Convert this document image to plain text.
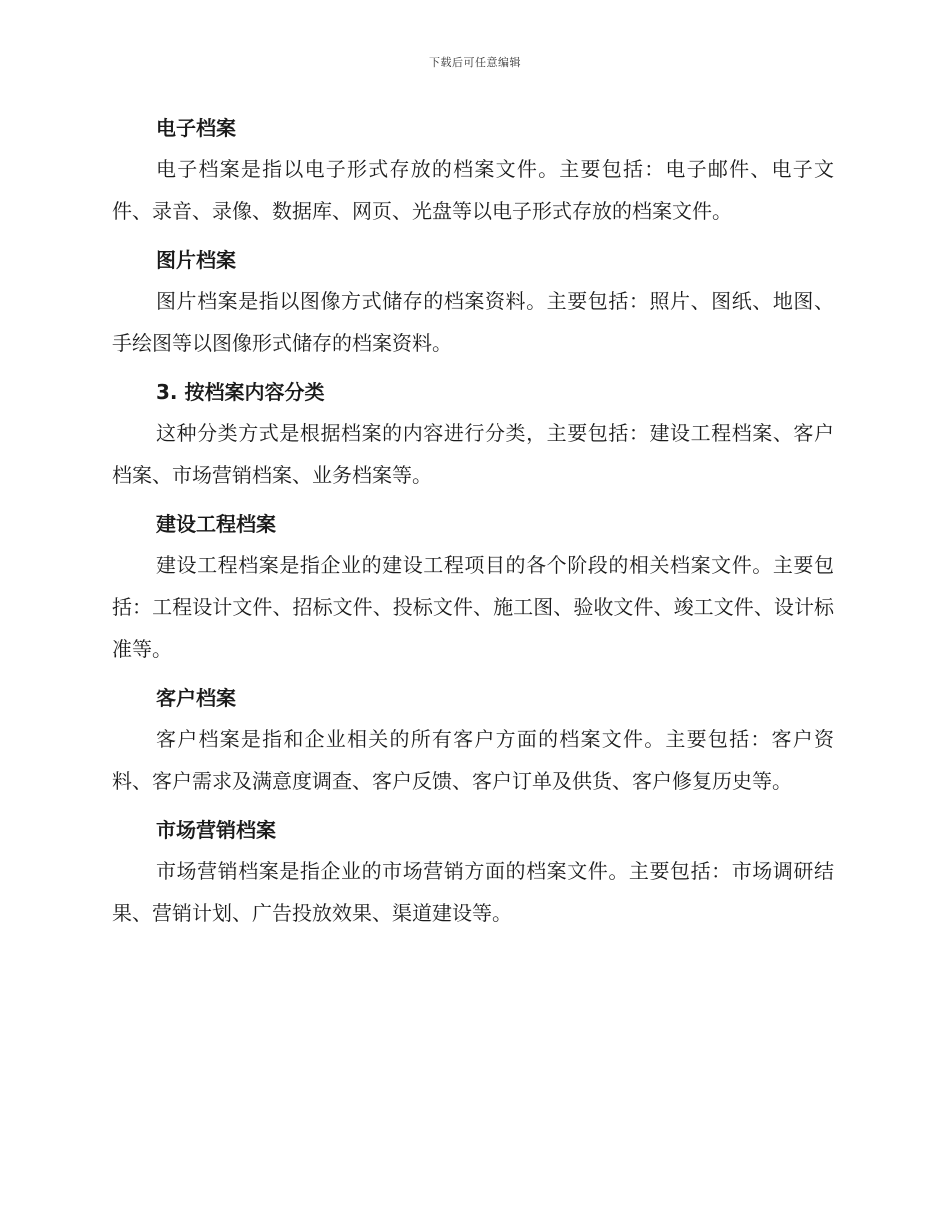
下载后可任意编辑
电子档案

电子档案是指以电子形式存放的档案文件。主要包括：电子邮件、电子文件、录音、录像、数据库、网页、光盘等以电子形式存放的档案文件。

图片档案

图片档案是指以图像方式储存的档案资料。主要包括：照片、图纸、地图、手绘图等以图像形式储存的档案资料。

3. 按档案内容分类

这种分类方式是根据档案的内容进行分类，主要包括：建设工程档案、客户档案、市场营销档案、业务档案等。

建设工程档案

建设工程档案是指企业的建设工程项目的各个阶段的相关档案文件。主要包括：工程设计文件、招标文件、投标文件、施工图、验收文件、竣工文件、设计标准等。

客户档案

客户档案是指和企业相关的所有客户方面的档案文件。主要包括：客户资料、客户需求及满意度调查、客户反馈、客户订单及供货、客户修复历史等。

市场营销档案

市场营销档案是指企业的市场营销方面的档案文件。主要包括：市场调研结果、营销计划、广告投放效果、渠道建设等。
